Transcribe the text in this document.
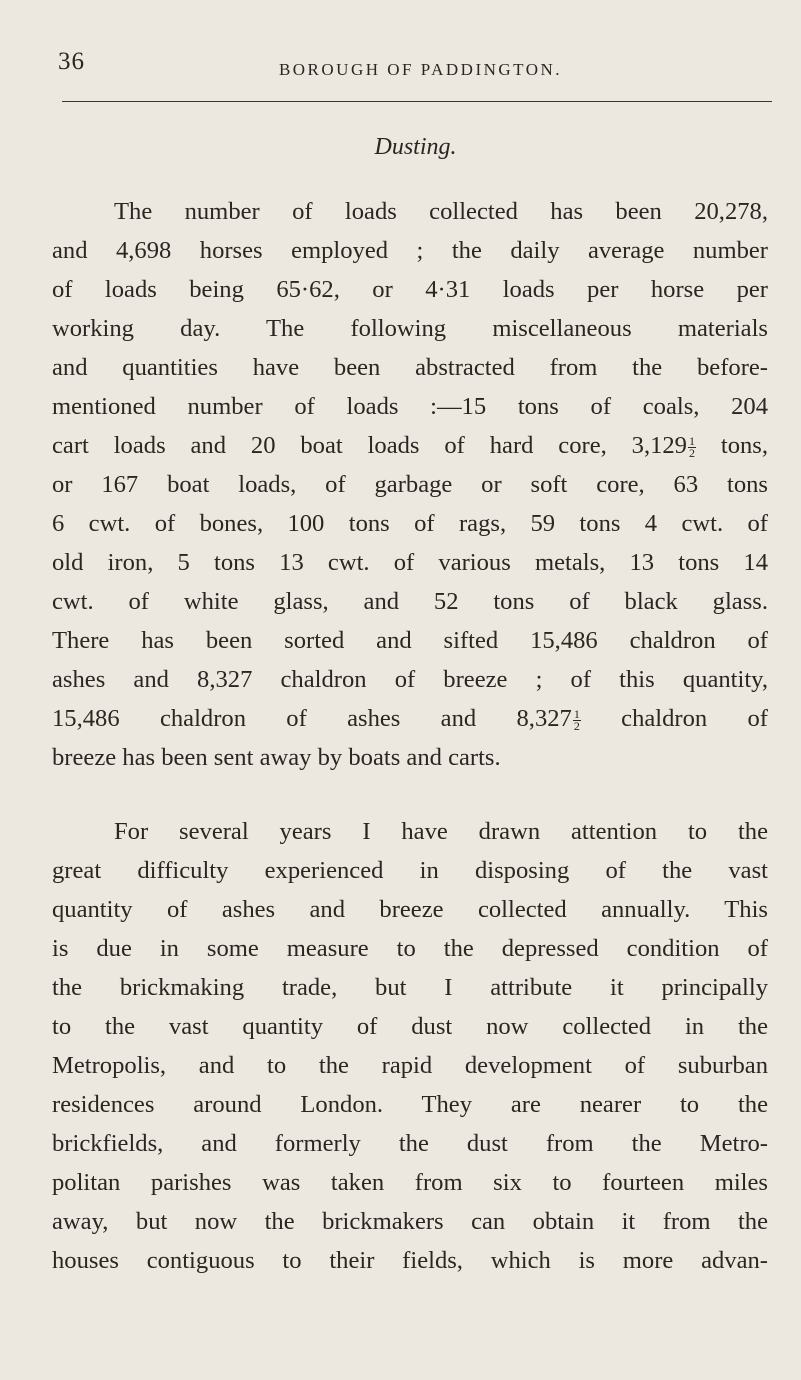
36	BOROUGH OF PADDINGTON.
Dusting.
The number of loads collected has been 20,278,
and 4,698 horses employed ; the daily average number
of loads being 65·62, or 4·31 loads per horse per
working day. The following miscellaneous materials
and quantities have been abstracted from the before-
mentioned number of loads :—15 tons of coals, 204
cart loads and 20 boat loads of hard core, $3,129 \frac{1}{2}$ tons,
or 167 boat loads, of garbage or soft core, 63 tons
6 cwt. of bones, 100 tons of rags, 59 tons 4 cwt. of
old iron, 5 tons 13 cwt. of various metals, 13 tons 14
cwt. of white glass, and 52 tons of black glass.
There has been sorted and sifted 15,486 chaldron of
ashes and 8,327 chaldron of breeze ; of this quantity,
15,486 chaldron of ashes and $8,327 \frac{1}{2}$ chaldron of
breeze has been sent away by boats and carts.
For several years I have drawn attention to the
great difficulty experienced in disposing of the vast
quantity of ashes and breeze collected annually. This
is due in some measure to the depressed condition of
the brickmaking trade, but I attribute it principally
to the vast quantity of dust now collected in the
Metropolis, and to the rapid development of suburban
residences around London. They are nearer to the
brickfields, and formerly the dust from the Metro-
politan parishes was taken from six to fourteen miles
away, but now the brickmakers can obtain it from the
houses contiguous to their fields, which is more advan-
